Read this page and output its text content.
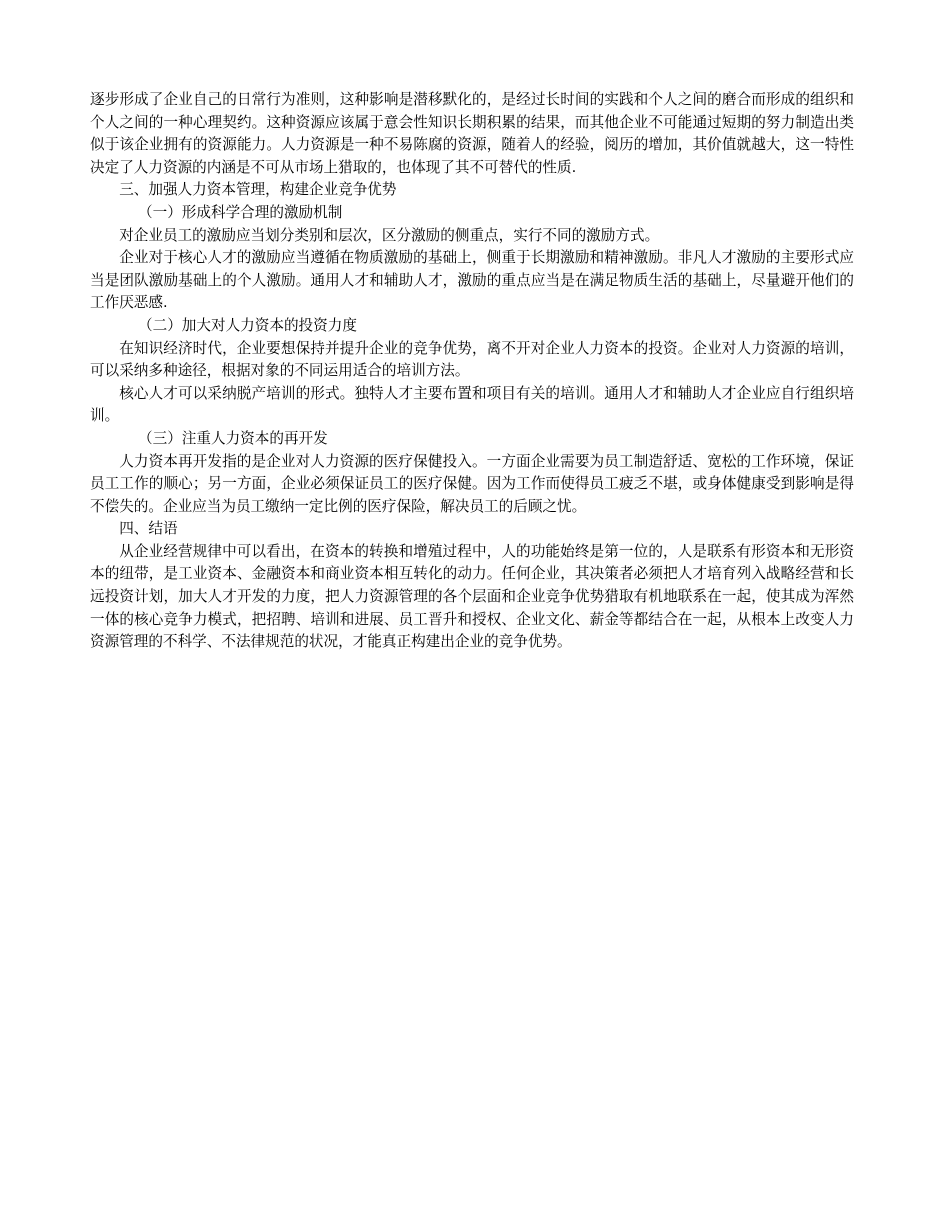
逐步形成了企业自己的日常行为准则，这种影响是潜移默化的，是经过长时间的实践和个人之间的磨合而形成的组织和个人之间的一种心理契约。这种资源应该属于意会性知识长期积累的结果，而其他企业不可能通过短期的努力制造出类似于该企业拥有的资源能力。人力资源是一种不易陈腐的资源，随着人的经验，阅历的增加，其价值就越大，这一特性决定了人力资源的内涵是不可从市场上猎取的，也体现了其不可替代的性质.

三、加强人力资本管理，构建企业竞争优势

（一）形成科学合理的激励机制

对企业员工的激励应当划分类别和层次，区分激励的侧重点，实行不同的激励方式。

企业对于核心人才的激励应当遵循在物质激励的基础上，侧重于长期激励和精神激励。非凡人才激励的主要形式应当是团队激励基础上的个人激励。通用人才和辅助人才，激励的重点应当是在满足物质生活的基础上，尽量避开他们的工作厌恶感.

（二）加大对人力资本的投资力度

在知识经济时代，企业要想保持并提升企业的竞争优势，离不开对企业人力资本的投资。企业对人力资源的培训，可以采纳多种途径，根据对象的不同运用适合的培训方法。

核心人才可以采纳脱产培训的形式。独特人才主要布置和项目有关的培训。通用人才和辅助人才企业应自行组织培训。

（三）注重人力资本的再开发

人力资本再开发指的是企业对人力资源的医疗保健投入。一方面企业需要为员工制造舒适、宽松的工作环境，保证员工工作的顺心；另一方面，企业必须保证员工的医疗保健。因为工作而使得员工疲乏不堪，或身体健康受到影响是得不偿失的。企业应当为员工缴纳一定比例的医疗保险，解决员工的后顾之忧。

四、结语

从企业经营规律中可以看出，在资本的转换和增殖过程中，人的功能始终是第一位的，人是联系有形资本和无形资本的纽带，是工业资本、金融资本和商业资本相互转化的动力。任何企业，其决策者必须把人才培育列入战略经营和长远投资计划，加大人才开发的力度，把人力资源管理的各个层面和企业竞争优势猎取有机地联系在一起，使其成为浑然一体的核心竞争力模式，把招聘、培训和进展、员工晋升和授权、企业文化、薪金等都结合在一起，从根本上改变人力资源管理的不科学、不法律规范的状况，才能真正构建出企业的竞争优势。
